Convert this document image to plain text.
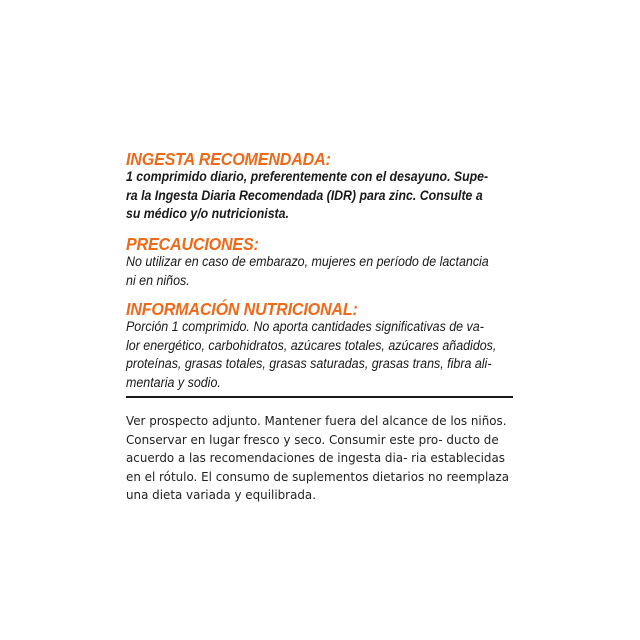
INGESTA RECOMENDADA:
1 comprimido diario, preferentemente con el desayuno. Supe-
ra la Ingesta Diaria Recomendada (IDR) para zinc. Consulte a
su médico y/o nutricionista.
PRECAUCIONES:
No utilizar en caso de embarazo, mujeres en período de lactancia
ni en niños.
INFORMACIÓN NUTRICIONAL:
Porción 1 comprimido. No aporta cantidades significativas de va-
lor energético, carbohidratos, azúcares totales, azúcares añadidos,
proteínas, grasas totales, grasas saturadas, grasas trans, fibra ali-
mentaria y sodio.
Ver prospecto adjunto. Mantener fuera del alcance de los niños. Conservar en lugar fresco y seco. Consumir este pro- ducto de acuerdo a las recomendaciones de ingesta dia- ria establecidas en el rótulo. El consumo de suplementos dietarios no reemplaza una dieta variada y equilibrada.
